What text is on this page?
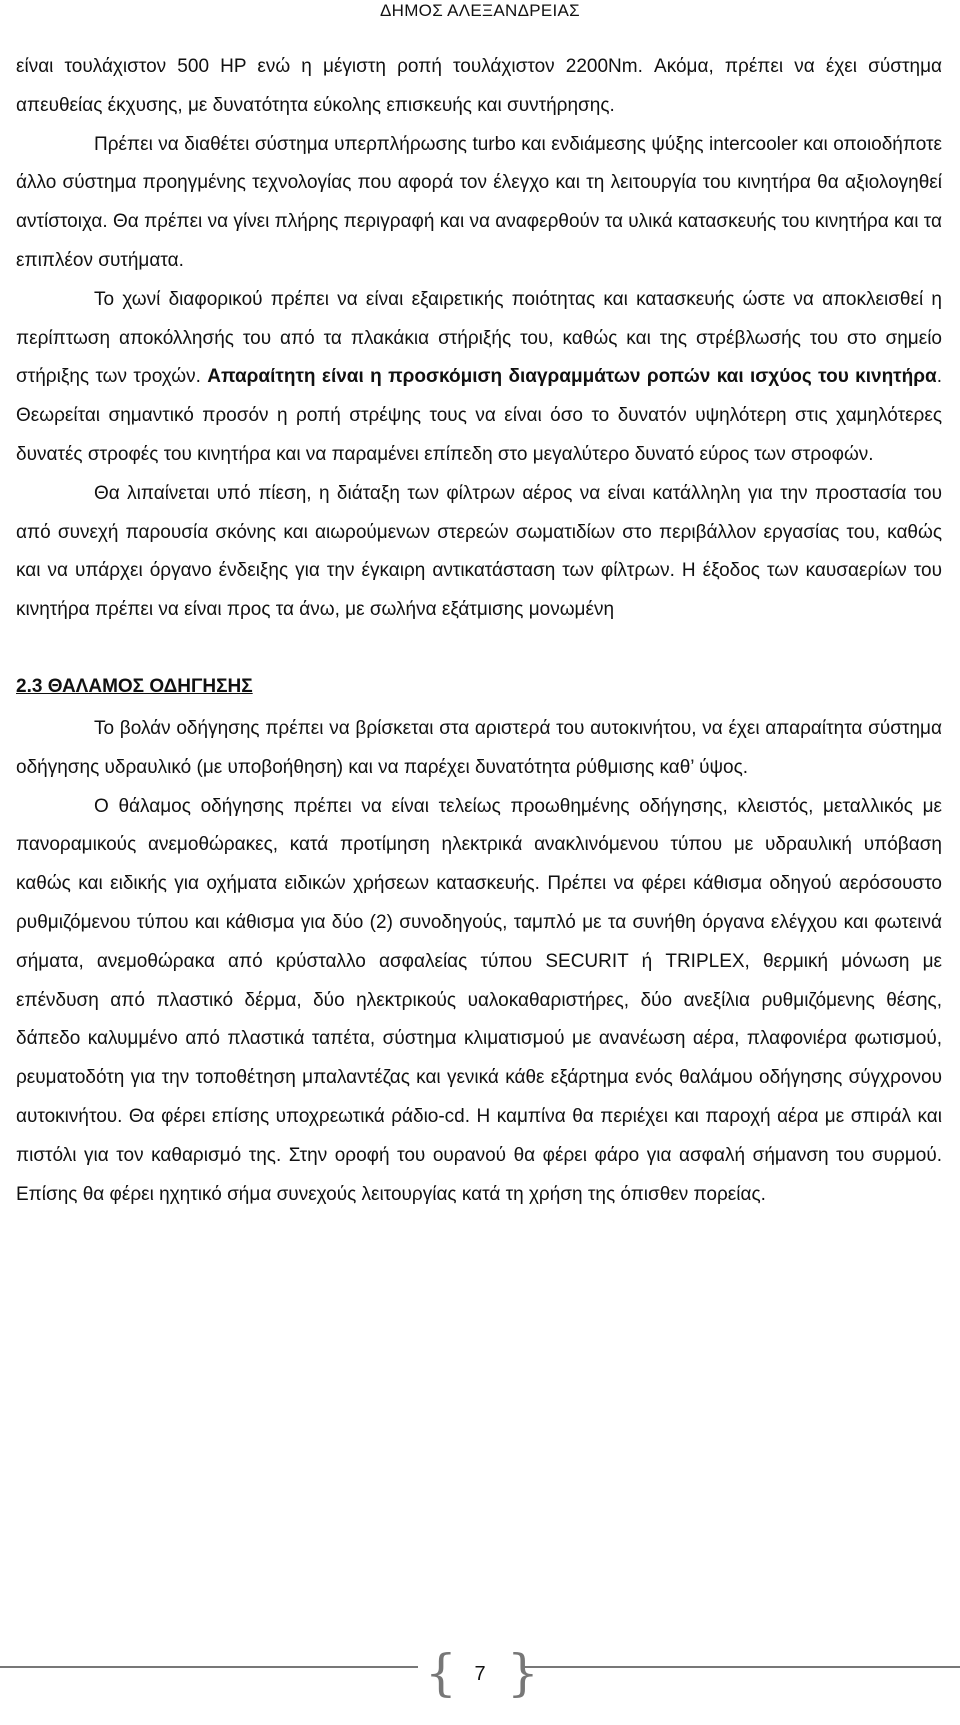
ΔΗΜΟΣ ΑΛΕΞΑΝΔΡΕΙΑΣ

είναι τουλάχιστον 500 HP ενώ η μέγιστη ροπή τουλάχιστον 2200Nm. Ακόμα, πρέπει να έχει σύστημα απευθείας έκχυσης, με δυνατότητα εύκολης επισκευής και συντήρησης.

Πρέπει να διαθέτει σύστημα υπερπλήρωσης turbo και ενδιάμεσης ψύξης intercooler και οποιοδήποτε άλλο σύστημα προηγμένης τεχνολογίας που αφορά τον έλεγχο και τη λειτουργία του κινητήρα θα αξιολογηθεί αντίστοιχα. Θα πρέπει να γίνει πλήρης περιγραφή και να αναφερθούν τα υλικά κατασκευής του κινητήρα και τα επιπλέον συτήματα.

Το χωνί διαφορικού πρέπει να είναι εξαιρετικής ποιότητας και κατασκευής ώστε να αποκλεισθεί η περίπτωση αποκόλλησής του από τα πλακάκια στήριξής του, καθώς και της στρέβλωσής του στο σημείο στήριξης των τροχών. Απαραίτητη είναι η προσκόμιση διαγραμμάτων ροπών και ισχύος του κινητήρα. Θεωρείται σημαντικό προσόν η ροπή στρέψης τους να είναι όσο το δυνατόν υψηλότερη στις χαμηλότερες δυνατές στροφές του κινητήρα και να παραμένει επίπεδη στο μεγαλύτερο δυνατό εύρος των στροφών.

Θα λιπαίνεται υπό πίεση, η διάταξη των φίλτρων αέρος να είναι κατάλληλη για την προστασία του από συνεχή παρουσία σκόνης και αιωρούμενων στερεών σωματιδίων στο περιβάλλον εργασίας του, καθώς και να υπάρχει όργανο ένδειξης για την έγκαιρη αντικατάσταση των φίλτρων. Η έξοδος των καυσαερίων του κινητήρα πρέπει να είναι προς τα άνω, με σωλήνα εξάτμισης μονωμένη

2.3 ΘΑΛΑΜΟΣ ΟΔΗΓΗΣΗΣ

Το βολάν οδήγησης πρέπει να βρίσκεται στα αριστερά του αυτοκινήτου, να έχει απαραίτητα σύστημα οδήγησης υδραυλικό (με υποβοήθηση) και να παρέχει δυνατότητα ρύθμισης καθ’ ύψος.

Ο θάλαμος οδήγησης πρέπει να είναι τελείως προωθημένης οδήγησης, κλειστός, μεταλλικός με πανοραμικούς ανεμοθώρακες, κατά προτίμηση ηλεκτρικά ανακλινόμενου τύπου με υδραυλική υπόβαση καθώς και ειδικής για οχήματα ειδικών χρήσεων κατασκευής. Πρέπει να φέρει κάθισμα οδηγού αερόσουστο ρυθμιζόμενου τύπου και κάθισμα για δύο (2) συνοδηγούς, ταμπλό με τα συνήθη όργανα ελέγχου και φωτεινά σήματα, ανεμοθώρακα από κρύσταλλο ασφαλείας τύπου SECURIT ή TRIPLEX, θερμική μόνωση με επένδυση από πλαστικό δέρμα, δύο ηλεκτρικούς υαλοκαθαριστήρες, δύο ανεξίλια ρυθμιζόμενης θέσης, δάπεδο καλυμμένο από πλαστικά ταπέτα, σύστημα κλιματισμού με ανανέωση αέρα, πλαφονιέρα φωτισμού, ρευματοδότη για την τοποθέτηση μπαλαντέζας και γενικά κάθε εξάρτημα ενός θαλάμου οδήγησης σύγχρονου αυτοκινήτου. Θα φέρει επίσης υποχρεωτικά ράδιο-cd. Η καμπίνα θα περιέχει και παροχή αέρα με σπιράλ και πιστόλι για τον καθαρισμό της. Στην οροφή του ουρανού θα φέρει φάρο για ασφαλή σήμανση του συρμού. Επίσης θα φέρει ηχητικό σήμα συνεχούς λειτουργίας κατά τη χρήση της όπισθεν πορείας.

{ 7 }
